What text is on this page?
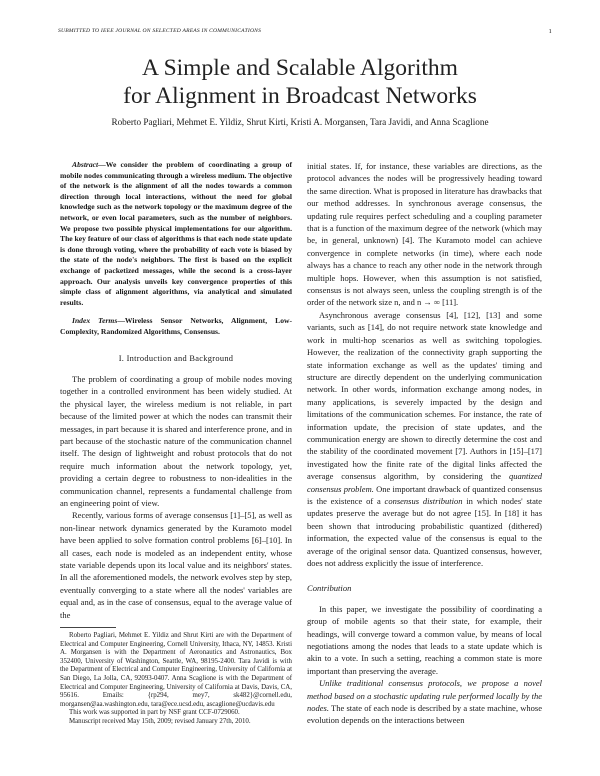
SUBMITTED TO IEEE JOURNAL ON SELECTED AREAS IN COMMUNICATIONS	1
A Simple and Scalable Algorithm
for Alignment in Broadcast Networks
Roberto Pagliari, Mehmet E. Yildiz, Shrut Kirti, Kristi A. Morgansen, Tara Javidi, and Anna Scaglione

Abstract—We consider the problem of coordinating a group of mobile nodes communicating through a wireless medium. The objective of the network is the alignment of all the nodes towards a common direction through local interactions, without the need for global knowledge such as the network topology or the maximum degree of the network, or even local parameters, such as the number of neighbors. We propose two possible physical implementations for our algorithm. The key feature of our class of algorithms is that each node state update is done through voting, where the probability of each vote is biased by the state of the node's neighbors. The first is based on the explicit exchange of packetized messages, while the second is a cross-layer approach. Our analysis unveils key convergence properties of this simple class of alignment algorithms, via analytical and simulated results.

Index Terms—Wireless Sensor Networks, Alignment, Low-Complexity, Randomized Algorithms, Consensus.

I. Introduction and Background

The problem of coordinating a group of mobile nodes moving together in a controlled environment has been widely studied. At the physical layer, the wireless medium is not reliable, in part because of the limited power at which the nodes can transmit their messages, in part because it is shared and interference prone, and in part because of the stochastic nature of the communication channel itself. The design of lightweight and robust protocols that do not require much information about the network topology, yet, providing a certain degree to robustness to non-idealities in the communication channel, represents a fundamental challenge from an engineering point of view.

Recently, various forms of average consensus [1]–[5], as well as non-linear network dynamics generated by the Kuramoto model have been applied to solve formation control problems [6]–[10]. In all cases, each node is modeled as an independent entity, whose state variable depends upon its local value and its neighbors' states. In all the aforementioned models, the network evolves step by step, eventually converging to a state where all the nodes' variables are equal and, as in the case of consensus, equal to the average value of the

Roberto Pagliari, Mehmet E. Yildiz and Shrut Kirti are with the Department of Electrical and Computer Engineering, Cornell University, Ithaca, NY, 14853. Kristi A. Morgansen is with the Department of Aeronautics and Astronautics, Box 352400, University of Washington, Seattle, WA, 98195-2400. Tara Javidi is with the Department of Electrical and Computer Engineering, University of California at San Diego, La Jolla, CA, 92093-0407. Anna Scaglione is with the Department of Electrical and Computer Engineering, University of California at Davis, Davis, CA, 95616. Emails: {rp294, mey7, sk482}@cornell.edu, morgansen@aa.washington.edu, tara@ece.ucsd.edu, ascaglione@ucdavis.edu

This work was supported in part by NSF grant CCF-0729060.

Manuscript received May 15th, 2009; revised January 27th, 2010.

initial states. If, for instance, these variables are directions, as the protocol advances the nodes will be progressively heading toward the same direction. What is proposed in literature has drawbacks that our method addresses. In synchronous average consensus, the updating rule requires perfect scheduling and a coupling parameter that is a function of the maximum degree of the network (which may be, in general, unknown) [4]. The Kuramoto model can achieve convergence in complete networks (in time), where each node always has a chance to reach any other node in the network through multiple hops. However, when this assumption is not satisfied, consensus is not always seen, unless the coupling strength is of the order of the network size n, and n → ∞ [11].

Asynchronous average consensus [4], [12], [13] and some variants, such as [14], do not require network state knowledge and work in multi-hop scenarios as well as switching topologies. However, the realization of the connectivity graph supporting the state information exchange as well as the updates' timing and structure are directly dependent on the underlying communication network. In other words, information exchange among nodes, in many applications, is severely impacted by the design and limitations of the communication schemes. For instance, the rate of information update, the precision of state updates, and the communication energy are shown to directly determine the cost and the stability of the coordinated movement [7]. Authors in [15]–[17] investigated how the finite rate of the digital links affected the average consensus algorithm, by considering the quantized consensus problem. One important drawback of quantized consensus is the existence of a consensus distribution in which nodes' state updates preserve the average but do not agree [15]. In [18] it has been shown that introducing probabilistic quantized (dithered) information, the expected value of the consensus is equal to the average of the original sensor data. Quantized consensus, however, does not address explicitly the issue of interference.

Contribution

In this paper, we investigate the possibility of coordinating a group of mobile agents so that their state, for example, their headings, will converge toward a common value, by means of local negotiations among the nodes that leads to a state update which is akin to a vote. In such a setting, reaching a common state is more important than preserving the average.

Unlike traditional consensus protocols, we propose a novel method based on a stochastic updating rule performed locally by the nodes. The state of each node is described by a state machine, whose evolution depends on the interactions between
